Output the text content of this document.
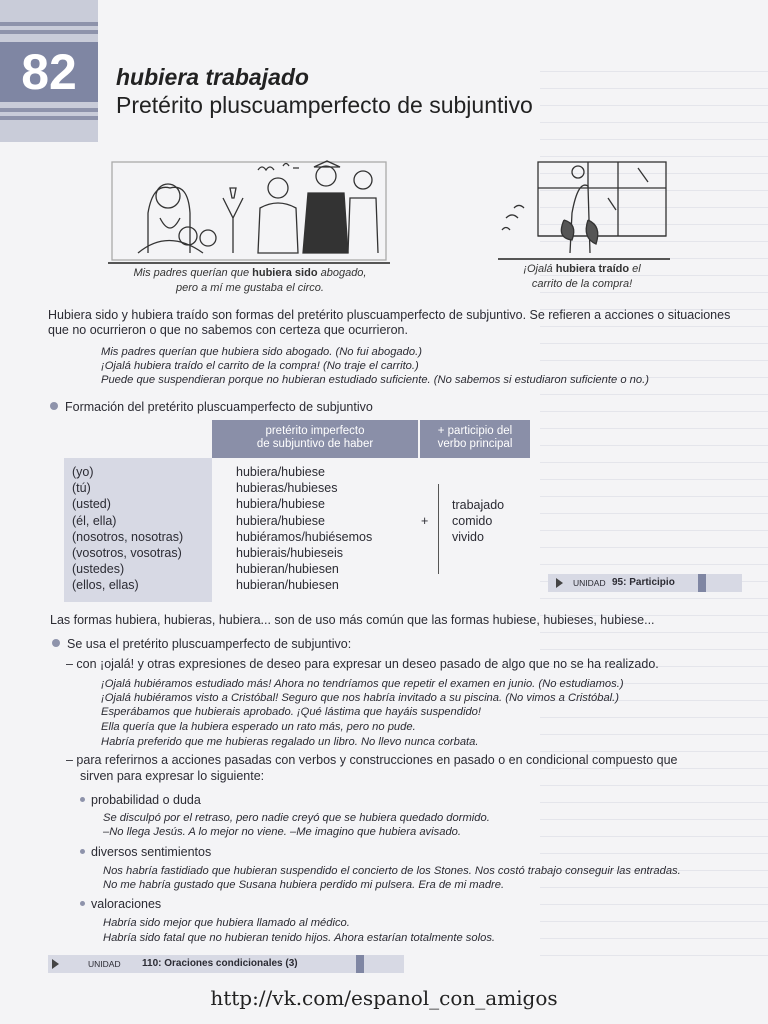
82	hubiera trabajado
Pretérito pluscuamperfecto de subjuntivo
Mis padres querían que hubiera sido abogado,
pero a mí me gustaba el circo.
¡Ojalá hubiera traído el
carrito de la compra!
Hubiera sido y hubiera traído son formas del pretérito pluscuamperfecto de subjuntivo. Se refieren a acciones o situaciones que no ocurrieron o que no sabemos con certeza que ocurrieron.
Mis padres querían que hubiera sido abogado. (No fui abogado.)
¡Ojalá hubiera traído el carrito de la compra! (No traje el carrito.)
Puede que suspendieran porque no hubieran estudiado suficiente. (No sabemos si estudiaron suficiente o no.)
Formación del pretérito pluscuamperfecto de subjuntivo
pretérito imperfecto
de subjuntivo de haber
+ participio del
verbo principal
(yo)
(tú)
(usted)
(él, ella)
(nosotros, nosotras)
(vosotros, vosotras)
(ustedes)
(ellos, ellas)
hubiera/hubiese
hubieras/hubieses
hubiera/hubiese
hubiera/hubiese
hubiéramos/hubiésemos
hubierais/hubieseis
hubieran/hubiesen
hubieran/hubiesen
+
trabajado
comido
vivido
UNIDAD 95: Participio
Las formas hubiera, hubieras, hubiera... son de uso más común que las formas hubiese, hubieses, hubiese...
Se usa el pretérito pluscuamperfecto de subjuntivo:
– con ¡ojalá! y otras expresiones de deseo para expresar un deseo pasado de algo que no se ha realizado.
¡Ojalá hubiéramos estudiado más! Ahora no tendríamos que repetir el examen en junio. (No estudiamos.)
¡Ojalá hubiéramos visto a Cristóbal! Seguro que nos habría invitado a su piscina. (No vimos a Cristóbal.)
Esperábamos que hubierais aprobado. ¡Qué lástima que hayáis suspendido!
Ella quería que la hubiera esperado un rato más, pero no pude.
Habría preferido que me hubieras regalado un libro. No llevo nunca corbata.
– para referirnos a acciones pasadas con verbos y construcciones en pasado o en condicional compuesto que
sirven para expresar lo siguiente:
probabilidad o duda
Se disculpó por el retraso, pero nadie creyó que se hubiera quedado dormido.
–No llega Jesús. A lo mejor no viene. –Me imagino que hubiera avisado.
diversos sentimientos
Nos habría fastidiado que hubieran suspendido el concierto de los Stones. Nos costó trabajo conseguir las entradas.
No me habría gustado que Susana hubiera perdido mi pulsera. Era de mi madre.
valoraciones
Habría sido mejor que hubiera llamado al médico.
Habría sido fatal que no hubieran tenido hijos. Ahora estarían totalmente solos.
UNIDAD 110: Oraciones condicionales (3)
http://vk.com/espanol_con_amigos
